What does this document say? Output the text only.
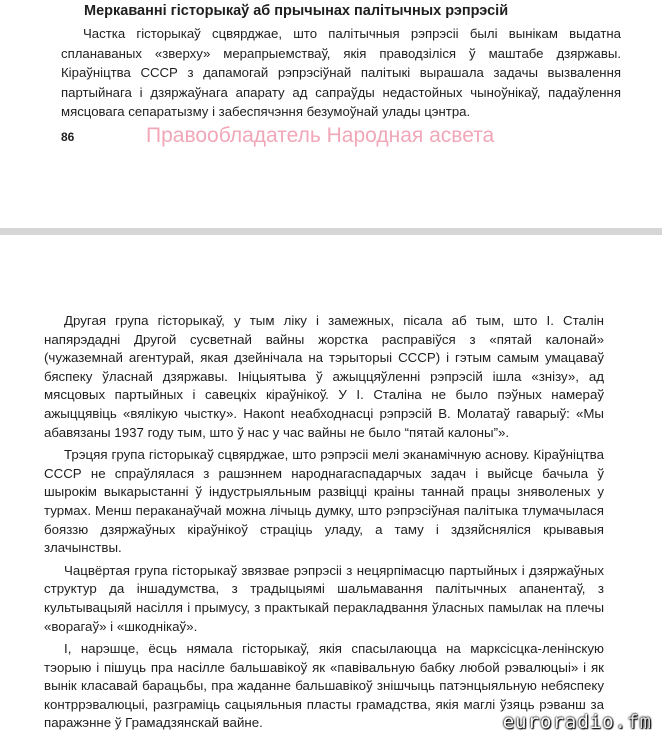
Меркаванні гісторыкаў аб прычынах палітычных рэпрэсій
Частка гісторыкаў сцвярджае, што палітычныя рэпрэсіі былі вынікам выдатна спланаваных «зверху» мерапрыемстваў, якія праводзіліся ў маштабе дзяржавы. Кіраўніцтва СССР з дапамогай рэпрэсіўнай палітыкі вырашала задачы вызвалення партыйнага і дзяржаўнага апарату ад сапраўды недастойных чыноўнікаў, падаўлення мясцовага сепаратызму і забеспячэння безумоўнай улады цэнтра.
86	Правообладатель Народная асвета

Другая група гісторыкаў, у тым ліку і замежных, пісала аб тым, што І. Сталін напярэдадні Другой сусветнай вайны жорстка расправіўся з «пятай калонай» (чужаземнай агентурай, якая дзейнічала на тэрыторыі СССР) і гэтым самым умацаваў бяспеку ўласнай дзяржавы. Ініцыятыва ў ажыццяўленні рэпрэсій ішла «знізу», ад мясцовых партыйных і савецкіх кіраўнікоў. У І. Сталіна не было пэўных намераў ажыццявіць «вялікую чыстку». Накont неабходнасці рэпрэсій В. Молатаў гаварыў: «Мы абавязаны 1937 году тым, што ў нас у час вайны не было “пятай калоны”».

Трэцяя група гісторыкаў сцвярджае, што рэпрэсіі мелі эканамічную аснову. Кіраўніцтва СССР не спраўлялася з рашэннем народнагаспадарчых задач і выйсце бачыла ў шырокім выкарыстанні ў індустрыяльным развіцці краіны таннай працы зняволеных у турмах. Менш пераканаўчай можна лічыць думку, што рэпрэсіўная палітыка тлумачылася бояззю дзяржаўных кіраўнікоў страціць уладу, а таму і здзяйсняліся крывавыя злачынствы.

Чацвёртая група гісторыкаў звязвае рэпрэсіі з нецярпімасцю партыйных і дзяржаўных структур да іншадумства, з традыцыямі шальмавання палітычных апанентаў, з культывацыяй насілля і прымусу, з практыкай перакладвання ўласных памылак на плечы «ворагаў» і «шкоднікаў».

І, нарэшце, ёсць нямала гісторыкаў, якія спасылаюцца на марксісцка-ленінскую тэорыю і пішуць пра насілле бальшавікоў як «павівальную бабку любой рэвалюцыі» і як вынік класавай барацьбы, пра жаданне бальшавікоў знішчыць патэнцыяльную небяспеку контррэвалюцыі, разграміць сацыяльныя пласты грамадства, якія маглі ўзяць рэванш за паражэнне ў Грамадзянскай вайне.	euroradio.fm
